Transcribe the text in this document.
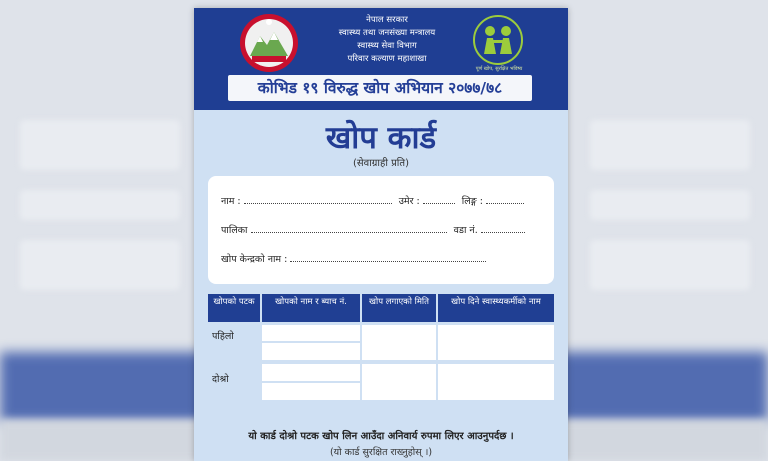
नेपाल सरकार
स्वास्थ्य तथा जनसंख्या मन्त्रालय
स्वास्थ्य सेवा विभाग
परिवार कल्याण महाशाखा
पूर्ण खोप, सुरक्षित भविष्य
कोभिड १९ विरुद्ध खोप अभियान २०७७/७८
खोप कार्ड
(सेवाग्राही प्रति)
नाम :	उमेर :	लिङ्ग :
पालिका	वडा नं.
खोप केन्द्रको नाम :
खोपको पटक	खोपको नाम र ब्याच नं.	खोप लगाएको मिति	खोप दिने स्वास्थ्यकर्मीको नाम
पहिलो
दोश्रो
यो कार्ड दोश्रो पटक खोप लिन आउँदा अनिवार्य रुपमा लिएर आउनुपर्दछ ।
(यो कार्ड सुरक्षित राख्नुहोस् ।)
